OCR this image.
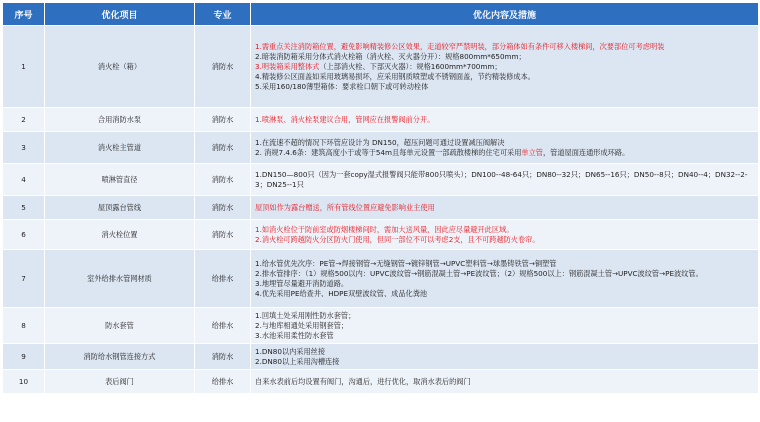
序号	优化项目	专业	优化内容及措施
1	消火栓（箱）	消防水	1.需重点关注消防箱位置，避免影响精装修公区效果，走道较窄严禁明装，部分箱体如有条件可移入楼梯间，次要部位可考虑明装
2.暗装消防箱采用分体式消火栓箱（消火栓、灭火器分开）：规格800mm*650mm；
3.明装箱采用整体式（上部消火栓、下部灭火器）：规格1600mm*700mm；
4.精装修公区面盖如采用玻璃易损坏，应采用钢质喷塑或不锈钢面盖，节约精装修成本。
5.采用160/180薄型箱体：要求栓口朝下或可转动栓体

2	合用消防水泵	消防水	1.喷淋泵、消火栓泵建议合用，管网应在报警阀前分开。

3	消火栓主管道	消防水	1.在流速不超的情况下环管应设计为 DN150，超压问题可通过设置减压阀解决
2. 消规7.4.6条：建筑高度小于或等于54m且每单元设置一部疏散楼梯的住宅可采用单立管，管道屋面连通形成环路。

4	喷淋管直径	消防水	1.DN150—800只（因为一套copy湿式报警阀只能带800只喷头）；DN100--48-64只；DN80--32只；DN65--16只；DN50--8只；DN40--4；DN32--2-3；DN25--1只

5	屋顶露台管线	消防水	屋顶如作为露台赠送，所有管线位置应避免影响业主使用

6	消火栓位置	消防水	1.如消火栓位于防前室或防烟楼梯间时，需加大送风量，因此应尽量避开此区域。
2.消火栓可跨越防火分区防火门使用，但同一部位不可以考虑2支，且不可跨越防火卷帘。

7	室外给排水管网材质	给排水	1.给水管优先次序：PE管→焊接钢管→无缝钢管→镀锌钢管→UPVC塑料管→球墨铸铁管→铜塑管
2.排水管排序：（1）规格500以内：UPVC波纹管→钢筋混凝土管→PE波纹管；（2）规格500以上：钢筋混凝土管→UPVC波纹管→PE波纹管。
3.地埋管尽量避开消防道路。
4.优先采用PE给查井、HDPE双壁波纹管、成品化粪池

8	防水套管	给排水	1.回填土处采用刚性防水套管；
2.与地库相通处采用钢套管；
3.水池采用柔性防水套管

9	消防给水钢管连接方式	消防水	1.DN80以内采用丝接
2.DN80以上采用沟槽连接

10	表后阀门	给排水	自来水表前后均设置有阀门，沟通后，进行优化，取消水表后的阀门
